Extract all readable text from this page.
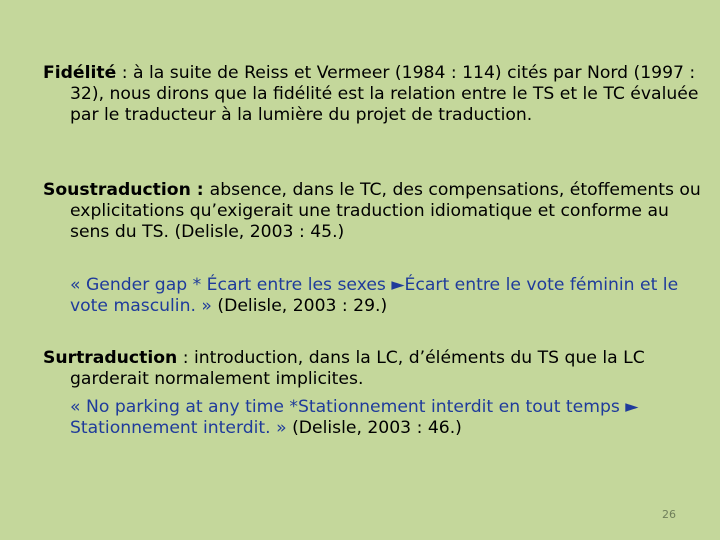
Fidélité : à la suite de Reiss et Vermeer (1984 : 114) cités par Nord (1997 : 32), nous dirons que la fidélité est la relation entre le TS et le TC évaluée par le traducteur à la lumière du projet de traduction.

Soustraduction : absence, dans le TC, des compensations, étoffements ou explicitations qu’exigerait une traduction idiomatique et conforme au sens du TS. (Delisle, 2003 : 45.)

« Gender gap * Écart entre les sexes ►Écart entre le vote féminin et le vote masculin. » (Delisle, 2003 : 29.)

Surtraduction : introduction, dans la LC, d’éléments du TS que la LC garderait normalement implicites.

« No parking at any time *Stationnement interdit en tout temps ► Stationnement interdit. » (Delisle, 2003 : 46.)

26
